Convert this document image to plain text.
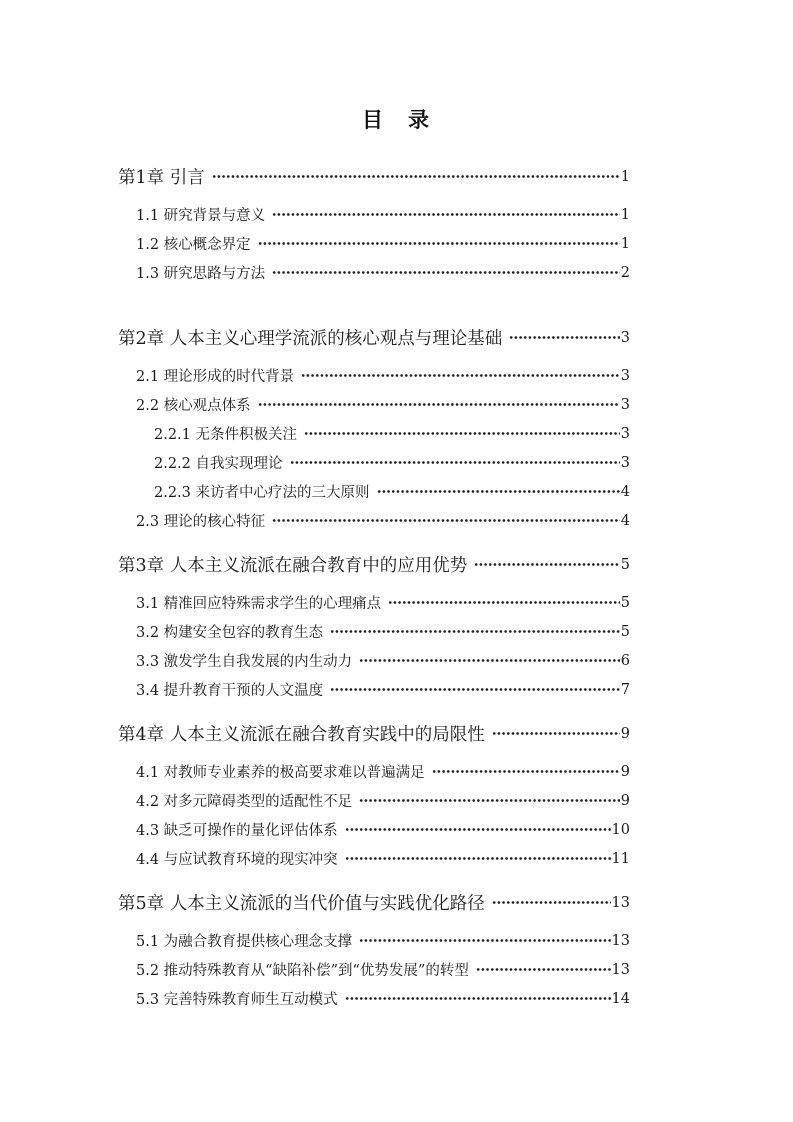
目　录
第1章 引言	1
1.1 研究背景与意义	1
1.2 核心概念界定	1
1.3 研究思路与方法	2
第2章 人本主义心理学流派的核心观点与理论基础	3
2.1 理论形成的时代背景	3
2.2 核心观点体系	3
2.2.1 无条件积极关注	3
2.2.2 自我实现理论	3
2.2.3 来访者中心疗法的三大原则	4
2.3 理论的核心特征	4
第3章 人本主义流派在融合教育中的应用优势	5
3.1 精准回应特殊需求学生的心理痛点	5
3.2 构建安全包容的教育生态	5
3.3 激发学生自我发展的内生动力	6
3.4 提升教育干预的人文温度	7
第4章 人本主义流派在融合教育实践中的局限性	9
4.1 对教师专业素养的极高要求难以普遍满足	9
4.2 对多元障碍类型的适配性不足	9
4.3 缺乏可操作的量化评估体系	10
4.4 与应试教育环境的现实冲突	11
第5章 人本主义流派的当代价值与实践优化路径	13
5.1 为融合教育提供核心理念支撑	13
5.2 推动特殊教育从“缺陷补偿”到“优势发展”的转型	13
5.3 完善特殊教育师生互动模式	14
